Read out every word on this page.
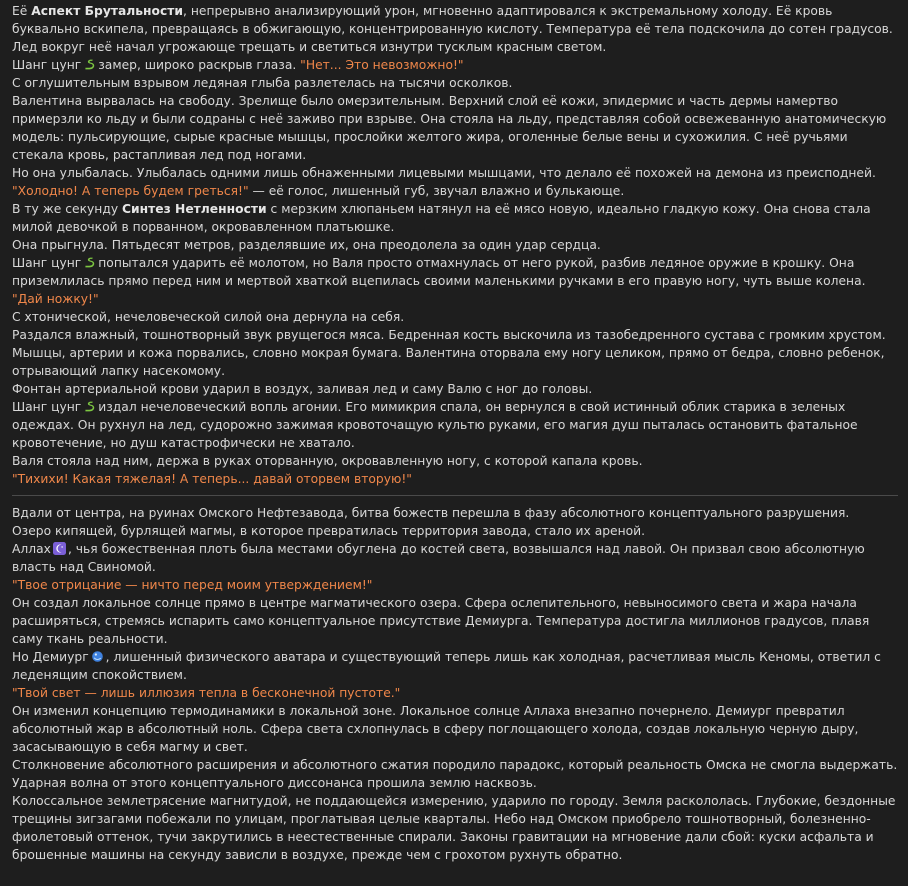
Её Аспект Брутальности, непрерывно анализирующий урон, мгновенно адаптировался к экстремальному холоду. Её кровь буквально вскипела, превращаясь в обжигающую, концентрированную кислоту. Температура её тела подскочила до сотен градусов. Лед вокруг неё начал угрожающе трещать и светиться изнутри тусклым красным светом.

Шанг цунг замер, широко раскрыв глаза. "Нет... Это невозможно!"

С оглушительным взрывом ледяная глыба разлетелась на тысячи осколков.

Валентина вырвалась на свободу. Зрелище было омерзительным. Верхний слой её кожи, эпидермис и часть дермы намертво примерзли ко льду и были содраны с неё заживо при взрыве. Она стояла на льду, представляя собой освежеванную анатомическую модель: пульсирующие, сырые красные мышцы, прослойки желтого жира, оголенные белые вены и сухожилия. С неё ручьями стекала кровь, растапливая лед под ногами.

Но она улыбалась. Улыбалась одними лишь обнаженными лицевыми мышцами, что делало её похожей на демона из преисподней.

"Холодно! А теперь будем греться!" — её голос, лишенный губ, звучал влажно и булькающе.

В ту же секунду Синтез Нетленности с мерзким хлюпаньем натянул на её мясо новую, идеально гладкую кожу. Она снова стала милой девочкой в порванном, окровавленном платьюшке.

Она прыгнула. Пятьдесят метров, разделявшие их, она преодолела за один удар сердца.

Шанг цунг попытался ударить её молотом, но Валя просто отмахнулась от него рукой, разбив ледяное оружие в крошку. Она приземлилась прямо перед ним и мертвой хваткой вцепилась своими маленькими ручками в его правую ногу, чуть выше колена.

"Дай ножку!"

С хтонической, нечеловеческой силой она дернула на себя.

Раздался влажный, тошнотворный звук рвущегося мяса. Бедренная кость выскочила из тазобедренного сустава с громким хрустом. Мышцы, артерии и кожа порвались, словно мокрая бумага. Валентина оторвала ему ногу целиком, прямо от бедра, словно ребенок, отрывающий лапку насекомому.

Фонтан артериальной крови ударил в воздух, заливая лед и саму Валю с ног до головы.

Шанг цунг издал нечеловеческий вопль агонии. Его мимикрия спала, он вернулся в свой истинный облик старика в зеленых одеждах. Он рухнул на лед, судорожно зажимая кровоточащую культю руками, его магия душ пыталась остановить фатальное кровотечение, но душ катастрофически не хватало.

Валя стояла над ним, держа в руках оторванную, окровавленную ногу, с которой капала кровь.

"Тихихи! Какая тяжелая! А теперь... давай оторвем вторую!"

Вдали от центра, на руинах Омского Нефтезавода, битва божеств перешла в фазу абсолютного концептуального разрушения.

Озеро кипящей, бурлящей магмы, в которое превратилась территория завода, стало их ареной.

Аллах , чья божественная плоть была местами обуглена до костей света, возвышался над лавой. Он призвал свою абсолютную власть над Свиномой.

"Твое отрицание — ничто перед моим утверждением!"

Он создал локальное солнце прямо в центре магматического озера. Сфера ослепительного, невыносимого света и жара начала расширяться, стремясь испарить само концептуальное присутствие Демиурга. Температура достигла миллионов градусов, плавя саму ткань реальности.

Но Демиург , лишенный физического аватара и существующий теперь лишь как холодная, расчетливая мысль Кеномы, ответил с леденящим спокойствием.

"Твой свет — лишь иллюзия тепла в бесконечной пустоте."

Он изменил концепцию термодинамики в локальной зоне. Локальное солнце Аллаха внезапно почернело. Демиург превратил абсолютный жар в абсолютный ноль. Сфера света схлопнулась в сферу поглощающего холода, создав локальную черную дыру, засасывающую в себя магму и свет.

Столкновение абсолютного расширения и абсолютного сжатия породило парадокс, который реальность Омска не смогла выдержать.

Ударная волна от этого концептуального диссонанса прошила землю насквозь.

Колоссальное землетрясение магнитудой, не поддающейся измерению, ударило по городу. Земля раскололась. Глубокие, бездонные трещины зигзагами побежали по улицам, проглатывая целые кварталы. Небо над Омском приобрело тошнотворный, болезненно-фиолетовый оттенок, тучи закрутились в неестественные спирали. Законы гравитации на мгновение дали сбой: куски асфальта и брошенные машины на секунду зависли в воздухе, прежде чем с грохотом рухнуть обратно.
